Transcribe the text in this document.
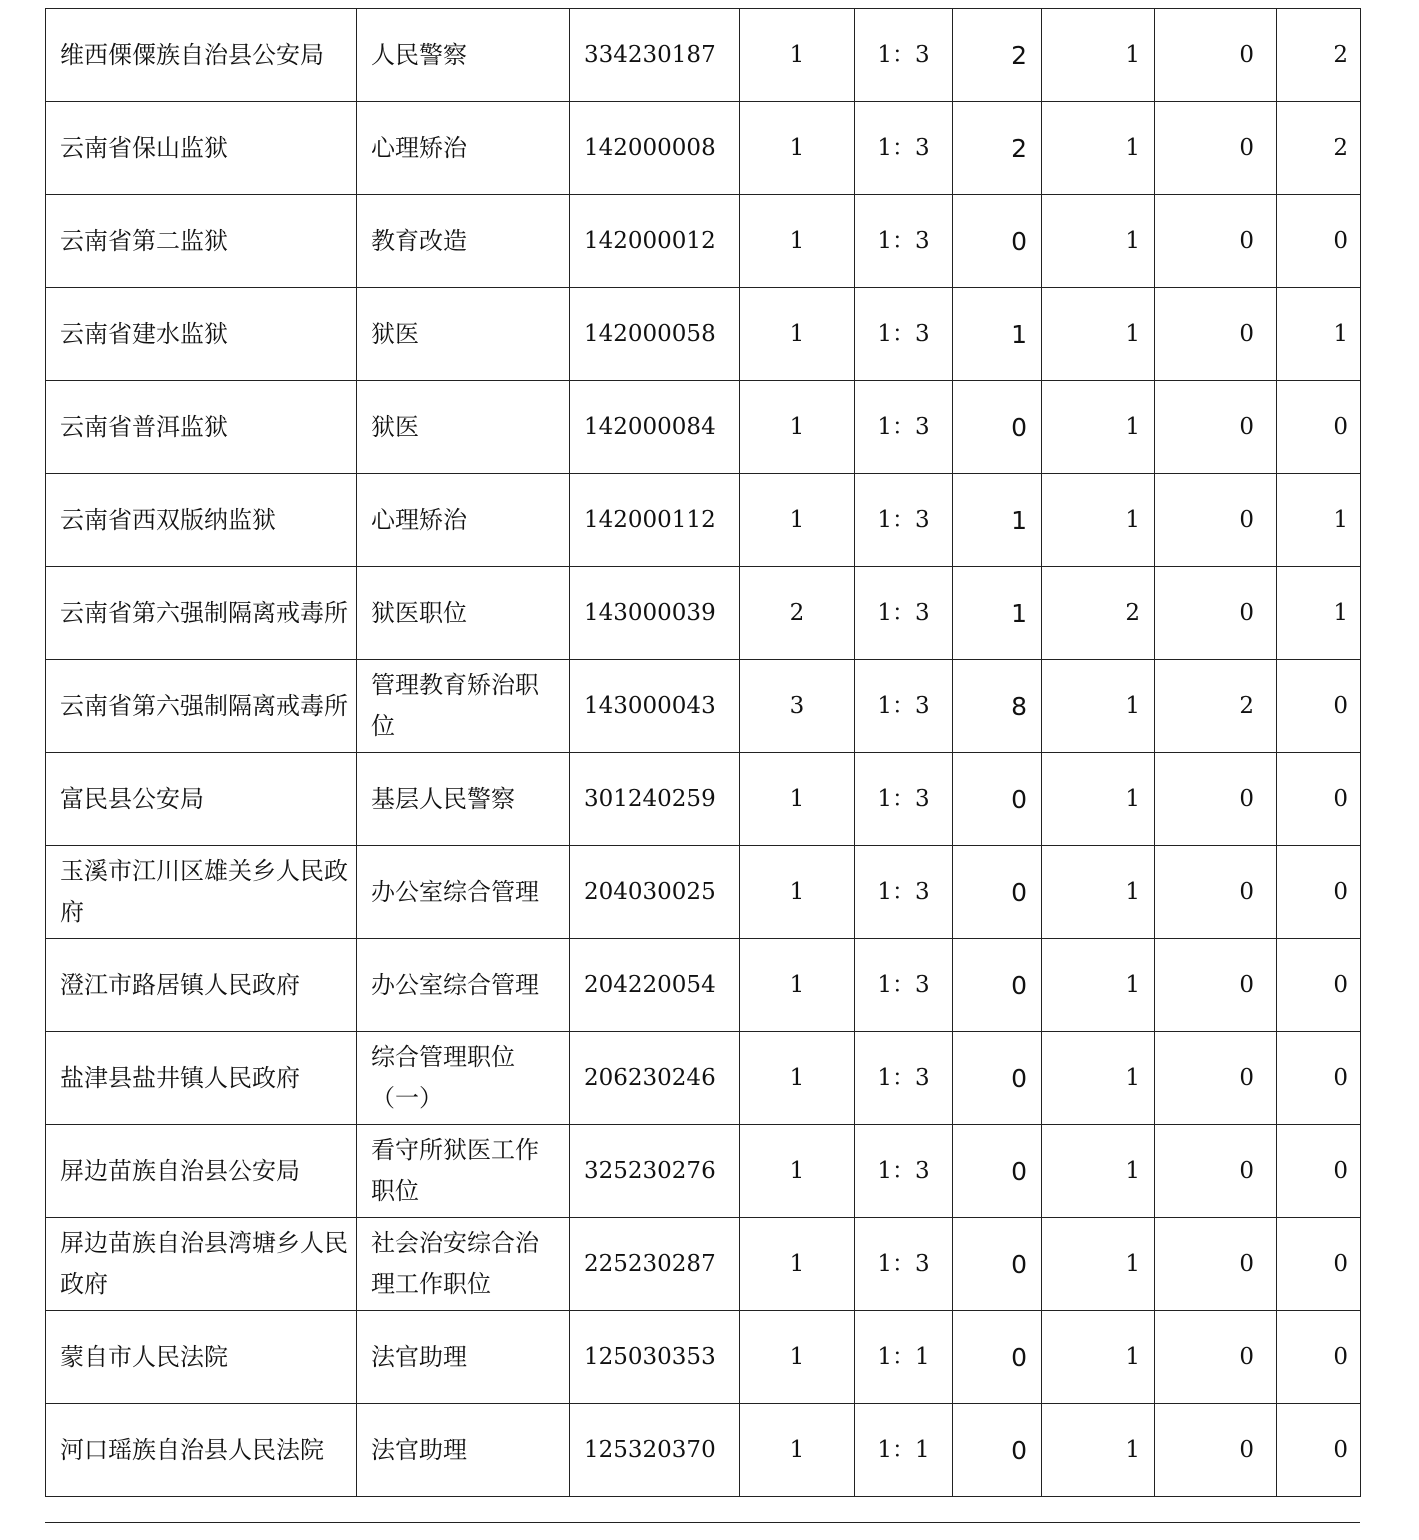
维西傈僳族自治县公安局	人民警察	334230187	1	1：3	2	1	0	2
云南省保山监狱	心理矫治	142000008	1	1：3	2	1	0	2
云南省第二监狱	教育改造	142000012	1	1：3	0	1	0	0
云南省建水监狱	狱医	142000058	1	1：3	1	1	0	1
云南省普洱监狱	狱医	142000084	1	1：3	0	1	0	0
云南省西双版纳监狱	心理矫治	142000112	1	1：3	1	1	0	1
云南省第六强制隔离戒毒所	狱医职位	143000039	2	1：3	1	2	0	1
云南省第六强制隔离戒毒所	管理教育矫治职位	143000043	3	1：3	8	1	2	0
富民县公安局	基层人民警察	301240259	1	1：3	0	1	0	0
玉溪市江川区雄关乡人民政府	办公室综合管理	204030025	1	1：3	0	1	0	0
澄江市路居镇人民政府	办公室综合管理	204220054	1	1：3	0	1	0	0
盐津县盐井镇人民政府	综合管理职位（一）	206230246	1	1：3	0	1	0	0
屏边苗族自治县公安局	看守所狱医工作职位	325230276	1	1：3	0	1	0	0
屏边苗族自治县湾塘乡人民政府	社会治安综合治理工作职位	225230287	1	1：3	0	1	0	0
蒙自市人民法院	法官助理	125030353	1	1：1	0	1	0	0
河口瑶族自治县人民法院	法官助理	125320370	1	1：1	0	1	0	0
